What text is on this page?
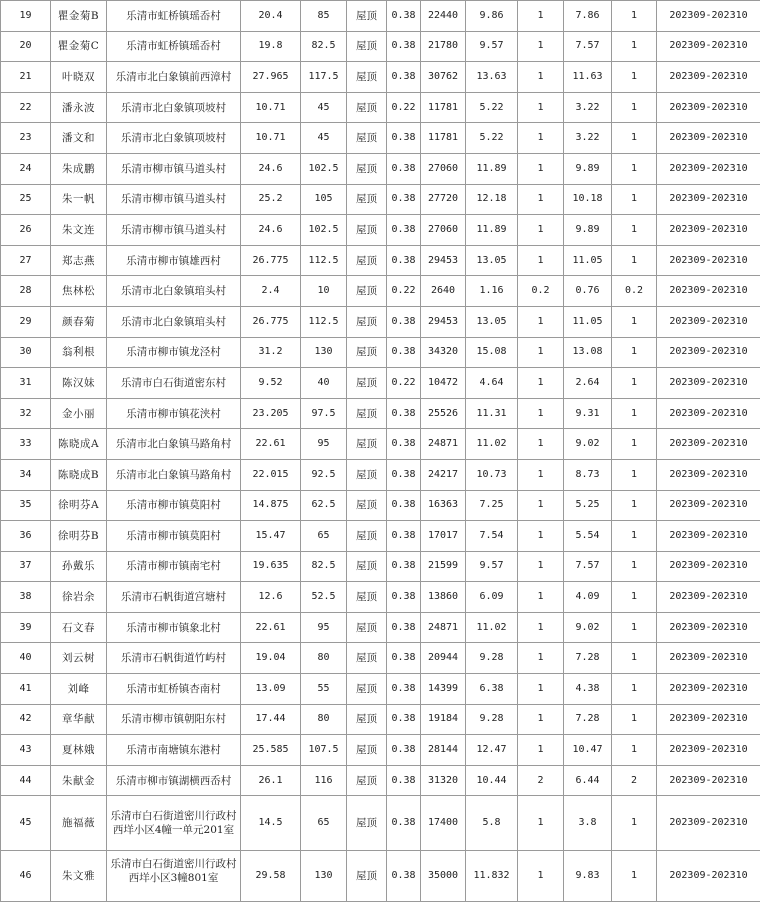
19	瞿金菊B	乐清市虹桥镇瑶岙村	20.4	85	屋顶	0.38	22440	9.86	1	7.86	1	202309-202310
20	瞿金菊C	乐清市虹桥镇瑶岙村	19.8	82.5	屋顶	0.38	21780	9.57	1	7.57	1	202309-202310
21	叶晓双	乐清市北白象镇前西漳村	27.965	117.5	屋顶	0.38	30762	13.63	1	11.63	1	202309-202310
22	潘永波	乐清市北白象镇项坡村	10.71	45	屋顶	0.22	11781	5.22	1	3.22	1	202309-202310
23	潘文和	乐清市北白象镇项坡村	10.71	45	屋顶	0.38	11781	5.22	1	3.22	1	202309-202310
24	朱成鹏	乐清市柳市镇马道头村	24.6	102.5	屋顶	0.38	27060	11.89	1	9.89	1	202309-202310
25	朱一帆	乐清市柳市镇马道头村	25.2	105	屋顶	0.38	27720	12.18	1	10.18	1	202309-202310
26	朱文连	乐清市柳市镇马道头村	24.6	102.5	屋顶	0.38	27060	11.89	1	9.89	1	202309-202310
27	郑志燕	乐清市柳市镇雄西村	26.775	112.5	屋顶	0.38	29453	13.05	1	11.05	1	202309-202310
28	焦林松	乐清市北白象镇琯头村	2.4	10	屋顶	0.22	2640	1.16	0.2	0.76	0.2	202309-202310
29	颜春菊	乐清市北白象镇琯头村	26.775	112.5	屋顶	0.38	29453	13.05	1	11.05	1	202309-202310
30	翁利根	乐清市柳市镇龙泾村	31.2	130	屋顶	0.38	34320	15.08	1	13.08	1	202309-202310
31	陈汉妹	乐清市白石街道密东村	9.52	40	屋顶	0.22	10472	4.64	1	2.64	1	202309-202310
32	金小丽	乐清市柳市镇花浃村	23.205	97.5	屋顶	0.38	25526	11.31	1	9.31	1	202309-202310
33	陈晓成A	乐清市北白象镇马路角村	22.61	95	屋顶	0.38	24871	11.02	1	9.02	1	202309-202310
34	陈晓成B	乐清市北白象镇马路角村	22.015	92.5	屋顶	0.38	24217	10.73	1	8.73	1	202309-202310
35	徐明芬A	乐清市柳市镇莫阳村	14.875	62.5	屋顶	0.38	16363	7.25	1	5.25	1	202309-202310
36	徐明芬B	乐清市柳市镇莫阳村	15.47	65	屋顶	0.38	17017	7.54	1	5.54	1	202309-202310
37	孙戴乐	乐清市柳市镇南宅村	19.635	82.5	屋顶	0.38	21599	9.57	1	7.57	1	202309-202310
38	徐岩余	乐清市石帆街道宫塘村	12.6	52.5	屋顶	0.38	13860	6.09	1	4.09	1	202309-202310
39	石文春	乐清市柳市镇象北村	22.61	95	屋顶	0.38	24871	11.02	1	9.02	1	202309-202310
40	刘云树	乐清市石帆街道竹屿村	19.04	80	屋顶	0.38	20944	9.28	1	7.28	1	202309-202310
41	刘峰	乐清市虹桥镇杏南村	13.09	55	屋顶	0.38	14399	6.38	1	4.38	1	202309-202310
42	章华献	乐清市柳市镇朝阳东村	17.44	80	屋顶	0.38	19184	9.28	1	7.28	1	202309-202310
43	夏林娥	乐清市南塘镇东港村	25.585	107.5	屋顶	0.38	28144	12.47	1	10.47	1	202309-202310
44	朱献金	乐清市柳市镇湖横西岙村	26.1	116	屋顶	0.38	31320	10.44	2	6.44	2	202309-202310
45	施福薇	乐清市白石街道密川行政村西垟小区4幢一单元201室	14.5	65	屋顶	0.38	17400	5.8	1	3.8	1	202309-202310
46	朱文雅	乐清市白石街道密川行政村西垟小区3幢801室	29.58	130	屋顶	0.38	35000	11.832	1	9.83	1	202309-202310
